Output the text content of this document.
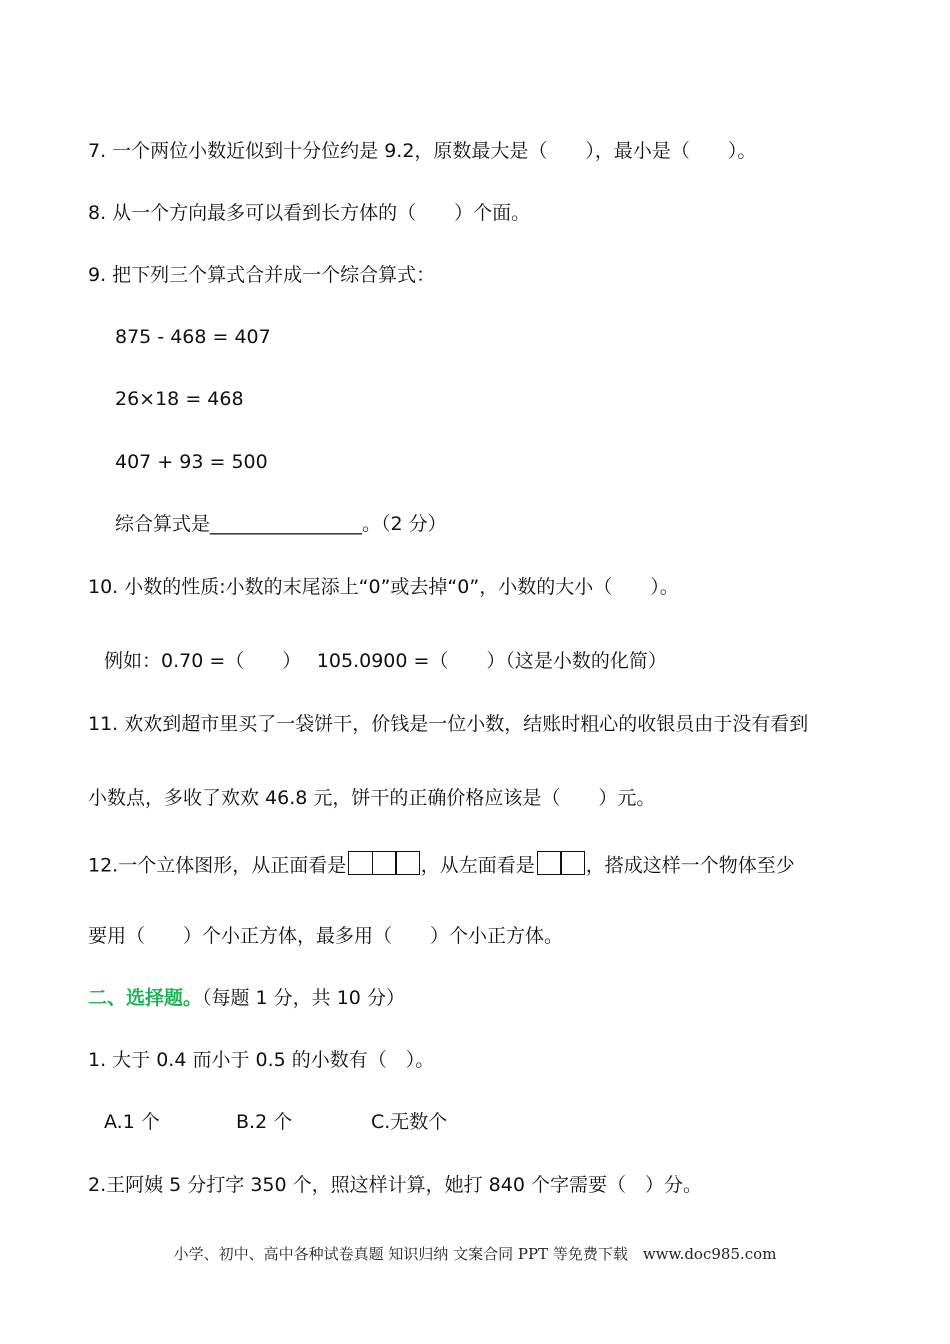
7. 一个两位小数近似到十分位约是 9.2，原数最大是（　　），最小是（　　）。
8. 从一个方向最多可以看到长方体的（　　）个面。
9. 把下列三个算式合并成一个综合算式：
875 - 468 = 407
26×18 = 468
407 + 93 = 500
综合算式是________________。（2 分）
10. 小数的性质:小数的末尾添上“0”或去掉“0”，小数的大小（　　）。
例如：0.70 =（　　）　 105.0900 =（　　）（这是小数的化简）
11. 欢欢到超市里买了一袋饼干，价钱是一位小数，结账时粗心的收银员由于没有看到
小数点，多收了欢欢 46.8 元，饼干的正确价格应该是（　　）元。
12.一个立体图形，从正面看是	，从左面看是	，搭成这样一个物体至少
要用（　　）个小正方体，最多用（　　）个小正方体。
二、选择题。（每题 1 分，共 10 分）
1. 大于 0.4 而小于 0.5 的小数有（　）。
A.1 个	B.2 个	C.无数个
2.王阿姨 5 分打字 350 个，照这样计算，她打 840 个字需要（　）分。
小学、初中、高中各种试卷真题 知识归纳 文案合同 PPT 等免费下载　www.doc985.com
